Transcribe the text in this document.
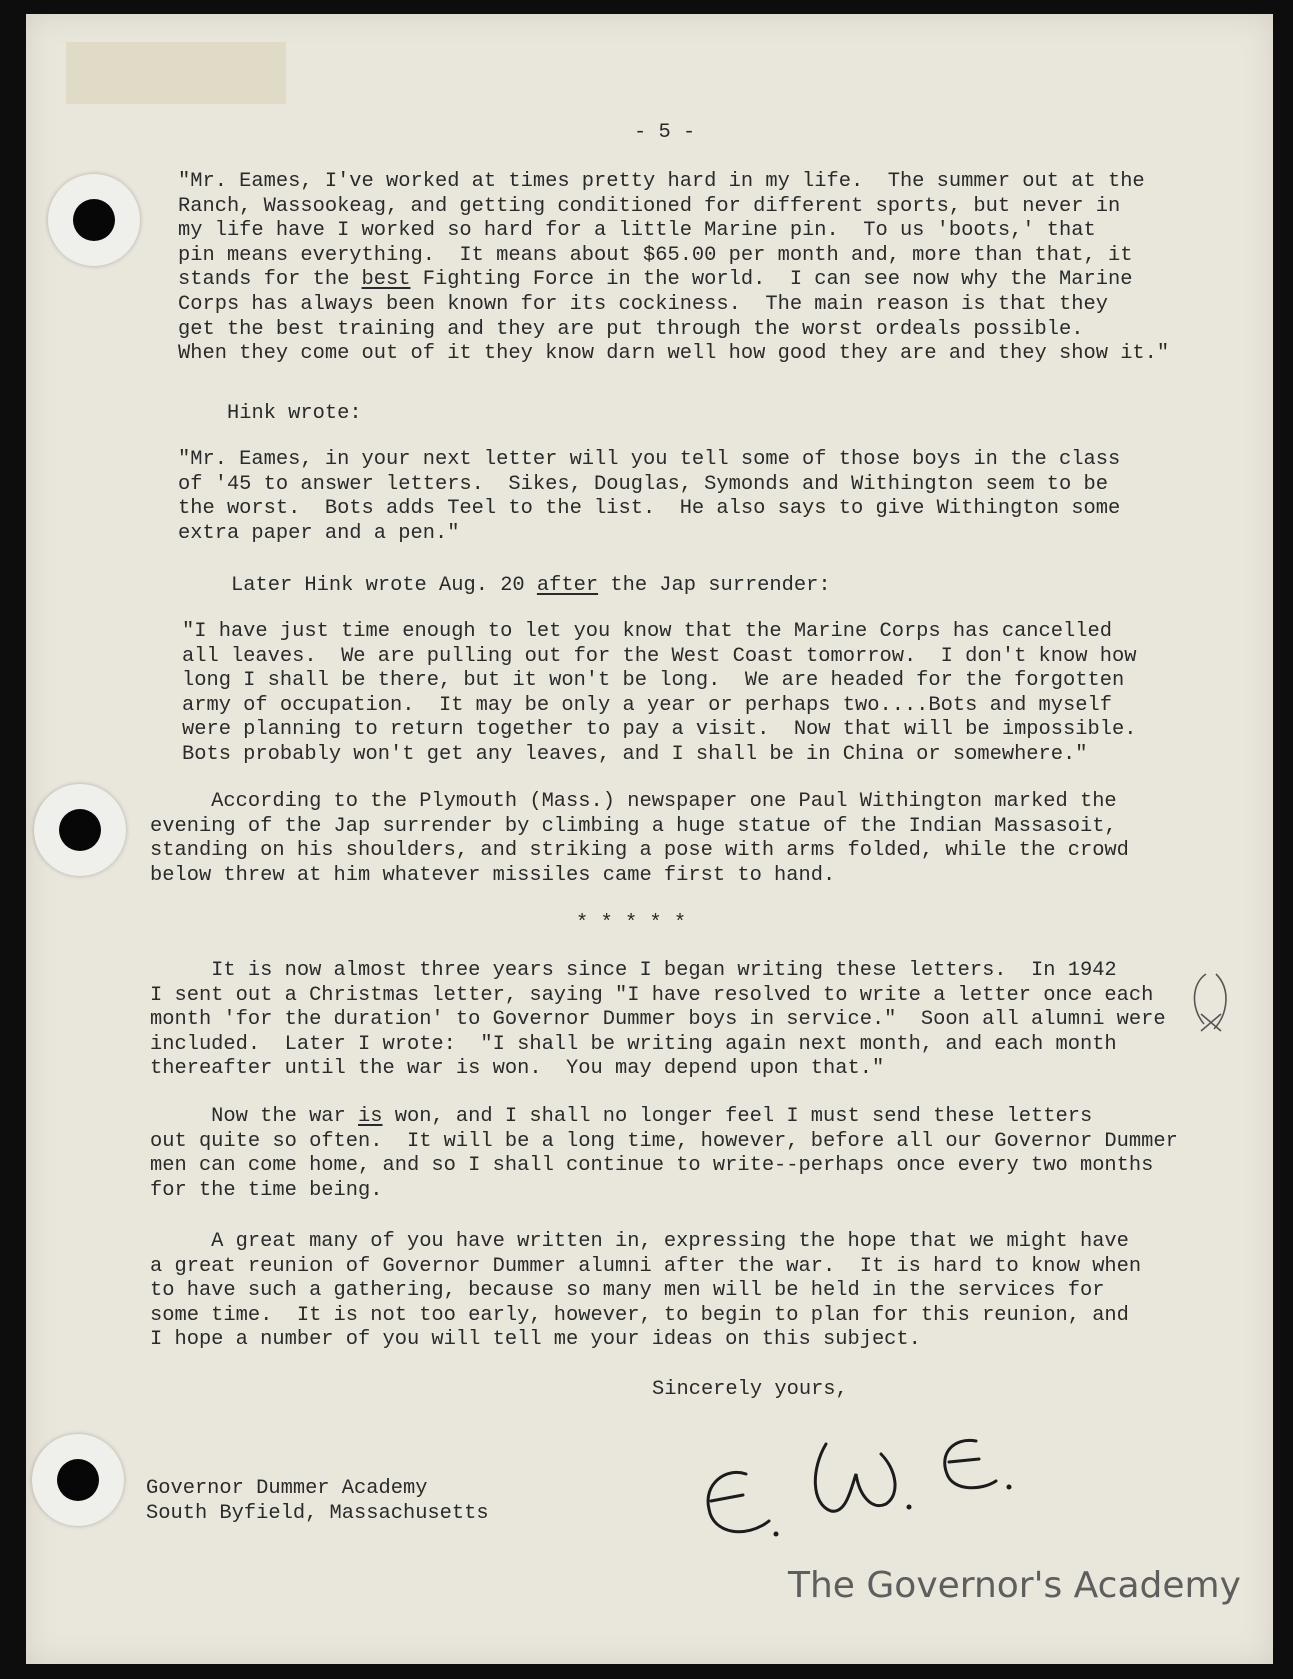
- 5 -

"Mr. Eames, I've worked at times pretty hard in my life.  The summer out at the
Ranch, Wassookeag, and getting conditioned for different sports, but never in
my life have I worked so hard for a little Marine pin.  To us 'boots,' that
pin means everything.  It means about $65.00 per month and, more than that, it
stands for the best Fighting Force in the world.  I can see now why the Marine
Corps has always been known for its cockiness.  The main reason is that they
get the best training and they are put through the worst ordeals possible.
When they come out of it they know darn well how good they are and they show it."

Hink wrote:

"Mr. Eames, in your next letter will you tell some of those boys in the class
of '45 to answer letters.  Sikes, Douglas, Symonds and Withington seem to be
the worst.  Bots adds Teel to the list.  He also says to give Withington some
extra paper and a pen."

Later Hink wrote Aug. 20 after the Jap surrender:

"I have just time enough to let you know that the Marine Corps has cancelled
all leaves.  We are pulling out for the West Coast tomorrow.  I don't know how
long I shall be there, but it won't be long.  We are headed for the forgotten
army of occupation.  It may be only a year or perhaps two....Bots and myself
were planning to return together to pay a visit.  Now that will be impossible.
Bots probably won't get any leaves, and I shall be in China or somewhere."

According to the Plymouth (Mass.) newspaper one Paul Withington marked the
evening of the Jap surrender by climbing a huge statue of the Indian Massasoit,
standing on his shoulders, and striking a pose with arms folded, while the crowd
below threw at him whatever missiles came first to hand.

* * * * *

It is now almost three years since I began writing these letters.  In 1942
I sent out a Christmas letter, saying "I have resolved to write a letter once each
month 'for the duration' to Governor Dummer boys in service."  Soon all alumni were
included.  Later I wrote:  "I shall be writing again next month, and each month
thereafter until the war is won.  You may depend upon that."

Now the war is won, and I shall no longer feel I must send these letters
out quite so often.  It will be a long time, however, before all our Governor Dummer
men can come home, and so I shall continue to write--perhaps once every two months
for the time being.

A great many of you have written in, expressing the hope that we might have
a great reunion of Governor Dummer alumni after the war.  It is hard to know when
to have such a gathering, because so many men will be held in the services for
some time.  It is not too early, however, to begin to plan for this reunion, and
I hope a number of you will tell me your ideas on this subject.

Sincerely yours,

Governor Dummer Academy
South Byfield, Massachusetts

The Governor's Academy
